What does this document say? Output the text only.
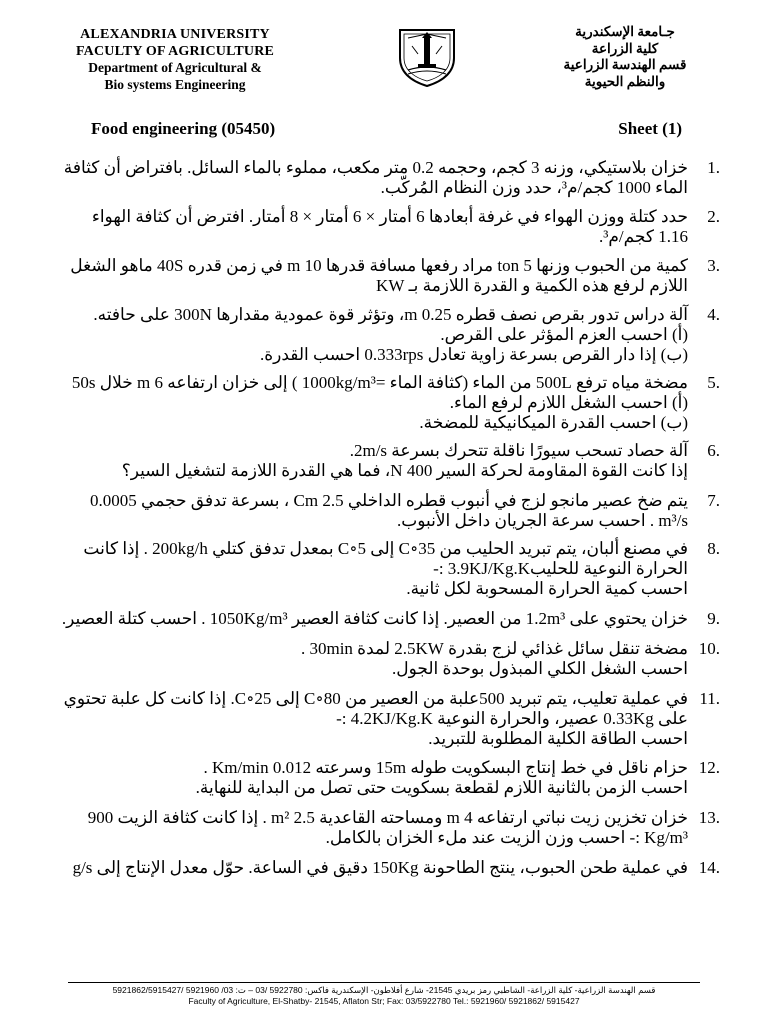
ALEXANDRIA UNIVERSITY
FACULTY OF AGRICULTURE
Department of Agricultural &
Bio systems Engineering
جـامعة الإسكندرية
كلية الزراعة
قسم الهندسة الزراعية
والنظم الحيوية
Food engineering (05450)	Sheet (1)
1.
خزان بلاستيكي، وزنه 3 كجم، وحجمه 0.2 متر مكعب، مملوء بالماء السائل. بافتراض أن كثافة الماء 1000 كجم/م³، حدد وزن النظام المُركّب.
2.
حدد كتلة ووزن الهواء في غرفة أبعادها 6 أمتار × 6 أمتار × 8 أمتار. افترض أن كثافة الهواء 1.16 كجم/م³.
3.
كمية من الحبوب وزنها 5 ton مراد رفعها مسافة قدرها 10 m في زمن قدره 40S ماهو الشغل اللازم لرفع هذه الكمية و القدرة اللازمة بـ KW
4.
آلة دراس تدور بقرص نصف قطره 0.25 m، وتؤثر قوة عمودية مقدارها 300N على حافته.
(أ) احسب العزم المؤثر على القرص.
(ب) إذا دار القرص بسرعة زاوية تعادل 0.333rps احسب القدرة.
5.
مضخة مياه ترفع 500L من الماء (كثافة الماء =1000kg/m³ ) إلى خزان ارتفاعه 6 m خلال 50s
(أ) احسب الشغل اللازم لرفع الماء.
(ب) احسب القدرة الميكانيكية للمضخة.
6.
آلة حصاد تسحب سيورًا ناقلة تتحرك بسرعة 2m/s.
إذا كانت القوة المقاومة لحركة السير 400 N، فما هي القدرة اللازمة لتشغيل السير؟
7.
يتم ضخ عصير مانجو لزج في أنبوب قطره الداخلي 2.5 Cm ، بسرعة تدفق حجمي 0.0005 m³/s . احسب سرعة الجريان داخل الأنبوب.
8.
في مصنع ألبان، يتم تبريد الحليب من 35∘C إلى 5∘C بمعدل تدفق كتلي 200kg/h . إذا كانت الحرارة النوعية للحليب3.9KJ/Kg.K :-
احسب كمية الحرارة المسحوبة لكل ثانية.
9.
خزان يحتوي على 1.2m³ من العصير. إذا كانت كثافة العصير 1050Kg/m³ . احسب كتلة العصير.
10.
مضخة تنقل سائل غذائي لزج بقدرة 2.5KW لمدة 30min .
احسب الشغل الكلي المبذول بوحدة الجول.
11.
في عملية تعليب، يتم تبريد 500علبة من العصير من 80∘C إلى 25∘C. إذا كانت كل علبة تحتوي على 0.33Kg عصير، والحرارة النوعية 4.2KJ/Kg.K :-
احسب الطاقة الكلية المطلوبة للتبريد.
12.
حزام ناقل في خط إنتاج البسكويت طوله 15m وسرعته 0.012 Km/min .
احسب الزمن بالثانية اللازم لقطعة بسكويت حتى تصل من البداية للنهاية.
13.
خزان تخزين زيت نباتي ارتفاعه 4 m ومساحته القاعدية 2.5 m² . إذا كانت كثافة الزيت 900 Kg/m³ :- احسب وزن الزيت عند ملء الخزان بالكامل.
14.
في عملية طحن الحبوب، ينتج الطاحونة 150Kg دقيق في الساعة. حوّل معدل الإنتاج إلى g/s
قسم الهندسة الزراعية- كلية الزراعة- الشاطبي رمز بريدي 21545- شارع أفلاطون- الإسكندرية فاكس: 5922780 /03 – ت: 03/ 5921960 /5921862/5915427
Faculty of Agriculture, El-Shatby- 21545, Aflaton Str; Fax: 03/5922780 Tel.: 5921960/ 5921862/ 5915427
